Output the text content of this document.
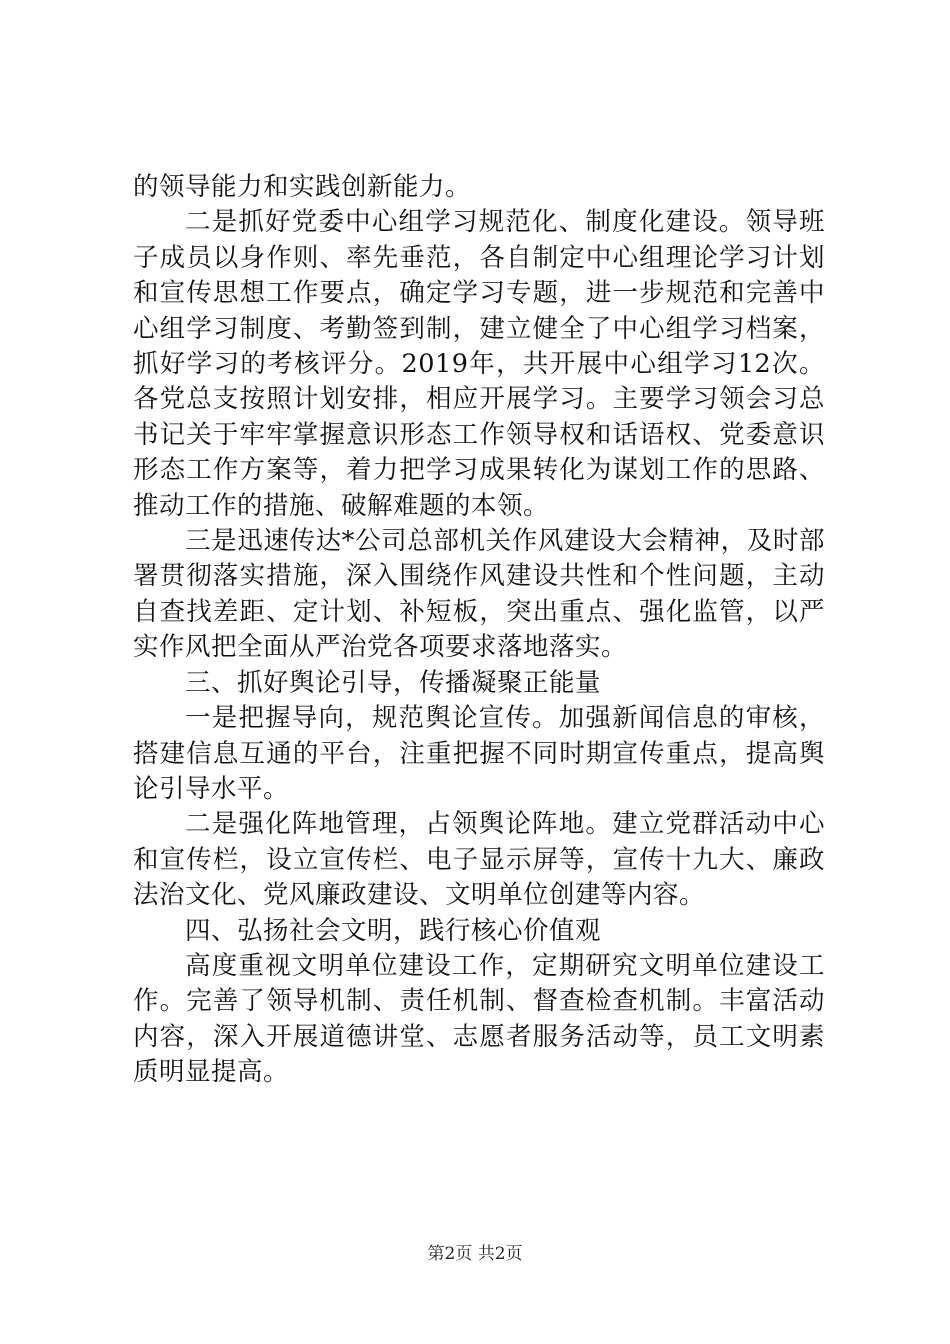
的领导能力和实践创新能力。

二是抓好党委中心组学习规范化、制度化建设。领导班子成员以身作则、率先垂范，各自制定中心组理论学习计划和宣传思想工作要点，确定学习专题，进一步规范和完善中心组学习制度、考勤签到制，建立健全了中心组学习档案，抓好学习的考核评分。2019年，共开展中心组学习12次。各党总支按照计划安排，相应开展学习。主要学习领会习总书记关于牢牢掌握意识形态工作领导权和话语权、党委意识形态工作方案等，着力把学习成果转化为谋划工作的思路、推动工作的措施、破解难题的本领。

三是迅速传达*公司总部机关作风建设大会精神，及时部署贯彻落实措施，深入围绕作风建设共性和个性问题，主动自查找差距、定计划、补短板，突出重点、强化监管，以严实作风把全面从严治党各项要求落地落实。

三、抓好舆论引导，传播凝聚正能量

一是把握导向，规范舆论宣传。加强新闻信息的审核，搭建信息互通的平台，注重把握不同时期宣传重点，提高舆论引导水平。

二是强化阵地管理，占领舆论阵地。建立党群活动中心和宣传栏，设立宣传栏、电子显示屏等，宣传十九大、廉政法治文化、党风廉政建设、文明单位创建等内容。

四、弘扬社会文明，践行核心价值观

高度重视文明单位建设工作，定期研究文明单位建设工作。完善了领导机制、责任机制、督查检查机制。丰富活动内容，深入开展道德讲堂、志愿者服务活动等，员工文明素质明显提高。

第2页 共2页
